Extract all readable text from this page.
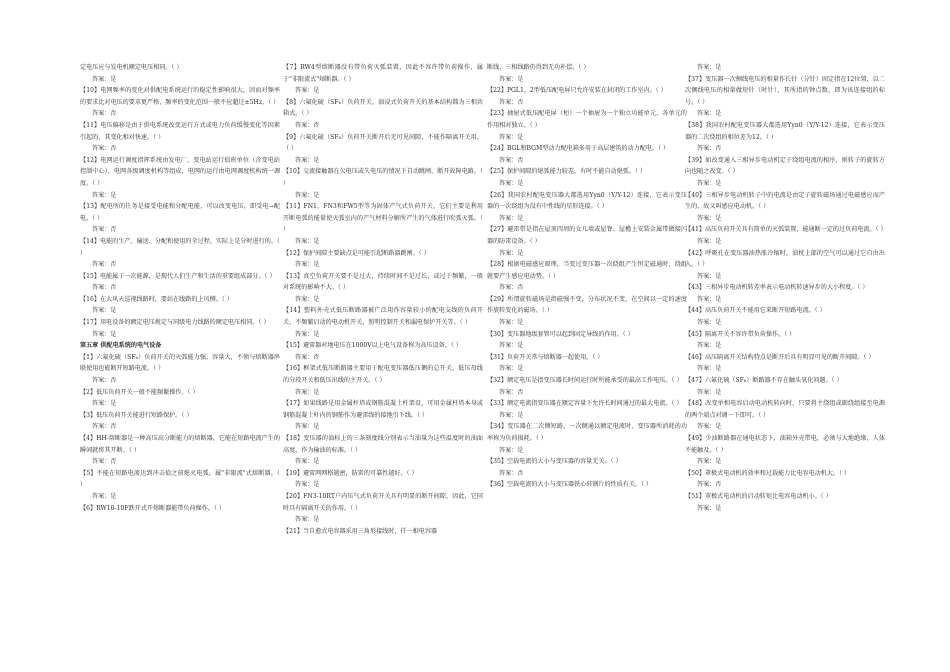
定电压应与发电机额定电压相同。（ ）

答案：是

【10】电网频率的变化对供配电系统运行的稳定性影响很大，因而对频率的要求比对电压的要求更严格，频率的变化范围一般不应超过±5Hz。（ ）

答案：否

【11】电压偏移是由于供电系统改变运行方式或电力负荷缓慢变化等因素引起的，其变化相对快速。（ ）

答案：否

【12】电网运行调度指挥系统由发电厂、变电站运行值班单位（含变电站控制中心）、电网各级调度机构等组成，电网的运行由电网调度机构统一调度。（ ）

答案：是

【13】配电所的任务是接受电能和分配电能，可以改变电压，即受电→配电。（ ）

答案：否

【14】电能的生产、输送、分配和使用的全过程，实际上是分时进行的。（ ）

答案：否

【15】电能属于一次能源，是现代人们生产和生活的重要组成部分。（ ）

答案：否

【16】在大风天巡视线路时，要站在线路的上风侧。（ ）

答案：是

【17】用电设备的额定电压规定与同级电力线路的额定电压相同。（ ）

答案：是

第五章 供配电系统的电气设备

【1】六氟化硫（SF₆）负荷开关的灭弧能力强，容量大，不须与熔断器串联使用也能断开短路电流。（ ）

答案：否

【2】低压负荷开关一般不能频繁操作。（ ）

答案：是

【3】低压负荷开关能进行短路保护。（ ）

答案：否

【4】HH-熔断器是一种高压高分断能力的熔断器，它能在短路电流产生的瞬间就将其开断。（ ）

答案：否

【5】不能在短路电流达到冲击值之前熄灭电弧，属"非限流"式熔断器。（ ）

答案：是

【6】RW10-10F跌开式开熔断器能带负荷操作。（ ）

【7】RW4型熔断器没有带负荷灭弧装置，因此不容许带负荷操作，属于"非限流式"熔断器。（ ）

答案：是

【8】六氟化硫（SF₆）负荷开关、油浸式负荷开关的基本结构都为三相共箱式。（ ）

答案：否

【9】六氟化硫（SF₆）负荷开关断开后无可见间隙，不能作隔离开关用。（ ）

答案：是

【10】交流接触器在欠电压或失电压的情况下自动跳闸，断开故障电路。（ ）

答案：是

【11】FN1、FN3和FW5型等为固体产气式负荷开关，它们主要是利用开断电弧的能量使灭弧室内的产气材料分解所产生的气体进行吹弧灭弧。（ ）

答案：是

【12】保护间隙主要缺点是可能引起断路器跳闸。（ ）

答案：是

【13】真空负荷开关要不是过大，持续时间不是过长，或过于频繁，一般对系统的影响不大。（ ）

答案：是

【14】塑料外壳式低压断路器被广泛用作容量较小的配电支线的负荷开关、不频繁启动的电动机开关、照明控制开关和漏电保护开关等。（ ）

答案：是

【15】避雷器对地电压在1000V以上电气设备称为高压设备。（ ）

答案：否

【16】框架式低压断路器主要用于配电变压器低压侧的总开关，低压母线的分段开关和低压出线的主开关。（ ）

答案：是

【17】如果线路是用金属杆塔或钢筋混凝土杆架设，可用金属杆塔本身或钢筋混凝土杆内的钢筋作为避雷线的接地引下线。（ ）

答案：是

【18】变压器的油标上的三条刻度线分别表示当油量为这些温度时的油面高度，作为输油的标准。（ ）

答案：是

【19】避雷网网格越密，防雷的可靠性越好。（ ）

答案：是

【20】FN3-10RT户内压气式负荷开关具有明显的断开间隙，因此，它同时具有隔离开关的作用。（ ）

答案：是

【21】当自愈式电容器采用三角形接线时，任一相电容器

断线，三相线路仍得到无功补偿。（ ）

答案：是

【22】PGL1，2型低压配电屏只允许安装在封闭的工作室内。（ ）

答案：否

【23】抽屉式低压配电屏（柜）一个抽屉为一个独立功能单元，各单元的作用相对独立。（ ）

答案：是

【24】BGL和BGM型动力配电箱多用于高层建筑的动力配电。（ ）

答案：否

【25】保护间隙的熄弧能力较差，有时不能自动熄弧。（ ）

答案：是

【26】我国农村配电变压器大都选用Yyn0（Y/Y-12）连接，它表示变压器的一次绕组为没有中性线的星形连接。（ ）

答案：是

【27】避雷带是指在屋顶四周的女儿墙或屋脊、屋檐上安装金属带做接闪器的防雷设备。（ ）

答案：是

【28】根据电磁感应原理，当变过变压器一次绕组产生恒定磁通时，绕组就要产生感应电动势。（ ）

答案：否

【29】所谓旋转磁场是指磁强不变，分布状况不变，在空间以一定的速度作旋转变化的磁场。（ ）

答案：是

【30】变压器地级套管可以起到固定导线的作用。（ ）

答案：是

【31】负荷开关常与熔断器一起使用。（ ）

答案：是

【32】额定电压是指变压器长时间运行时所能承受的最高工作电压。（ ）

答案：否

【33】额定电流指变压器在额定容量下允许长时间通过的最大电流。（ ）

答案：是

【34】变压器在二次侧短路，一次侧通以额定电流时，变压器所消耗的功率称为负荷损耗。（ ）

答案：是

【35】空载电流的大小与变压器的容量无关。（ ）

答案：否

【36】空载电流的大小与变压器铁心硅钢片的性质有关。（ ）

答案：是

【37】变压器一次侧线电压的相量作长针（分针）固定指在12位置，以二次侧线电压的相量做短针（时针），其所指的钟点数，即为该连接组的标号。（ ）

答案：是

【38】我国农村配电变压器大都选用Yyn0（Y/Y-12）连接，它表示变压器的二次绕组的相位差为12。（ ）

答案：否

【39】如改变通入三相异步电动机定子绕组电流的相序，则转子的旋转方向也随之改变。（ ）

答案：是

【40】三相异步电动机转子中的电流是由定子旋转磁场通过电磁感应而产生的，故又叫感应电动机。（ ）

答案：是

【41】高压负荷开关具有简单的灭弧装置，能通断一定的过负荷电流。（ ）

答案：是

【42】呼吸孔在变压器油热胀冷缩时，油枕上部的空气可以通过它自由出入。（ ）

答案：是

【43】三相异步电动机转差率表示电动机转速异步的大小程度。（ ）

答案：是

【44】高压负荷开关不能用它来断开短路电流。（ ）

答案：是

【45】隔离开关不容许带负荷操作。（ ）

答案：是

【46】高压隔离开关结构特点是断开后具有明显可见的断开间隙。（ ）

答案：是

【47】六氟化硫（SF₆）断路器不存在触头氧化问题。（ ）

答案：是

【48】改变单相电容启动电动机转向时，只要将主绕组或副绕组接至电源的两个端点对调一下即可。（ ）

答案：是

【49】少油断路器在通电状态下，油箱外壳带电，必须与大地绝缘，人体不能触及。（ ）

答案：是

【50】罩极式电动机的效率和过载能力比电容电动机大。（ ）

答案：否

【51】罩极式电动机的启动转矩比电容电动机小。（ ）

答案：是
